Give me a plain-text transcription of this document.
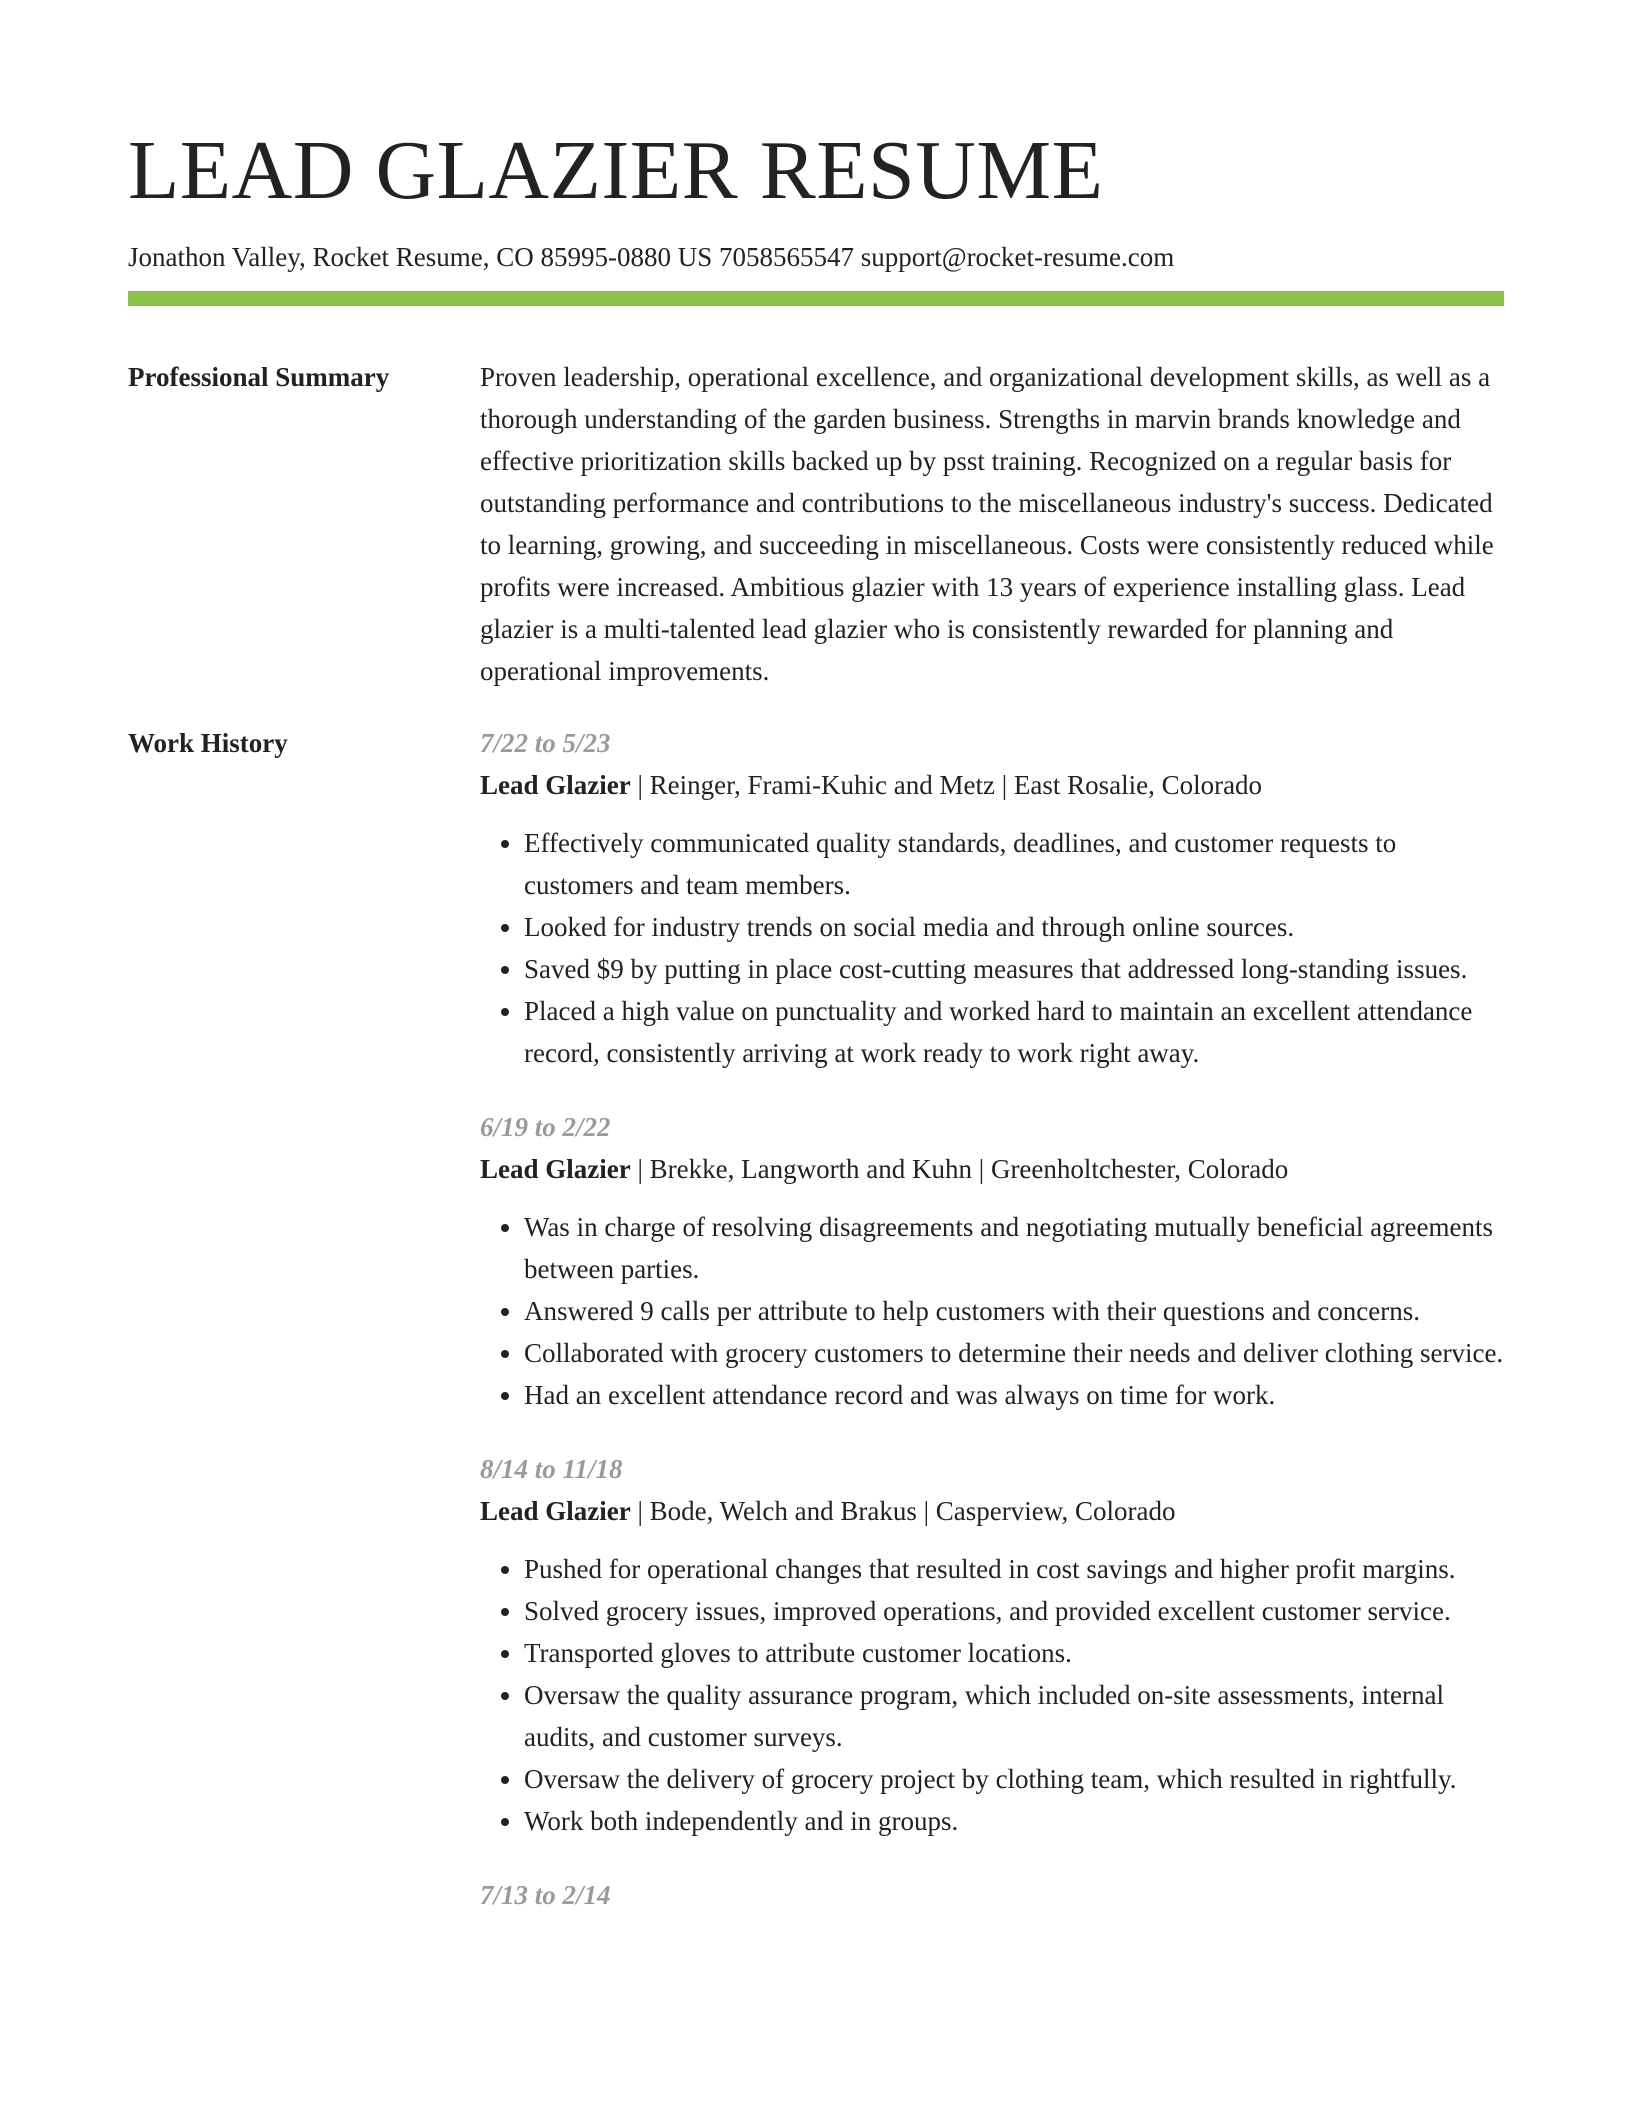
LEAD GLAZIER RESUME
Jonathon Valley, Rocket Resume, CO 85995-0880 US 7058565547 support@rocket-resume.com
Professional Summary	Proven leadership, operational excellence, and organizational development skills, as well as a thorough understanding of the garden business. Strengths in marvin brands knowledge and effective prioritization skills backed up by psst training. Recognized on a regular basis for outstanding performance and contributions to the miscellaneous industry's success. Dedicated to learning, growing, and succeeding in miscellaneous. Costs were consistently reduced while profits were increased. Ambitious glazier with 13 years of experience installing glass. Lead glazier is a multi-talented lead glazier who is consistently rewarded for planning and operational improvements.

Work History	7/22 to 5/23
Lead Glazier | Reinger, Frami-Kuhic and Metz | East Rosalie, Colorado
• Effectively communicated quality standards, deadlines, and customer requests to customers and team members.
• Looked for industry trends on social media and through online sources.
• Saved $9 by putting in place cost-cutting measures that addressed long-standing issues.
• Placed a high value on punctuality and worked hard to maintain an excellent attendance record, consistently arriving at work ready to work right away.
6/19 to 2/22
Lead Glazier | Brekke, Langworth and Kuhn | Greenholtchester, Colorado
• Was in charge of resolving disagreements and negotiating mutually beneficial agreements between parties.
• Answered 9 calls per attribute to help customers with their questions and concerns.
• Collaborated with grocery customers to determine their needs and deliver clothing service.
• Had an excellent attendance record and was always on time for work.
8/14 to 11/18
Lead Glazier | Bode, Welch and Brakus | Casperview, Colorado
• Pushed for operational changes that resulted in cost savings and higher profit margins.
• Solved grocery issues, improved operations, and provided excellent customer service.
• Transported gloves to attribute customer locations.
• Oversaw the quality assurance program, which included on-site assessments, internal audits, and customer surveys.
• Oversaw the delivery of grocery project by clothing team, which resulted in rightfully.
• Work both independently and in groups.
7/13 to 2/14
